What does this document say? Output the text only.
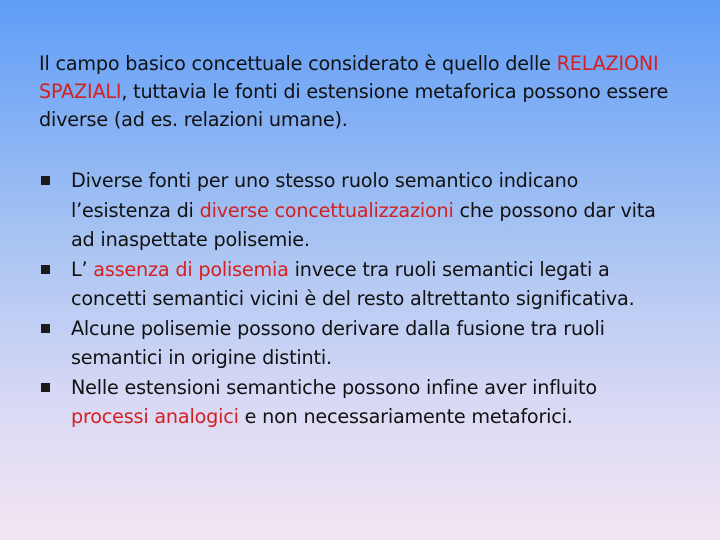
Il campo basico concettuale considerato è quello delle RELAZIONI SPAZIALI, tuttavia le fonti di estensione metaforica possono essere diverse (ad es. relazioni umane).

Diverse fonti per uno stesso ruolo semantico indicano l’esistenza di diverse concettualizzazioni che possono dar vita ad inaspettate polisemie.
L’ assenza di polisemia invece tra ruoli semantici legati a concetti semantici vicini è del resto altrettanto significativa.
Alcune polisemie possono derivare dalla fusione tra ruoli semantici in origine distinti.
Nelle estensioni semantiche possono infine aver influito processi analogici e non necessariamente metaforici.
